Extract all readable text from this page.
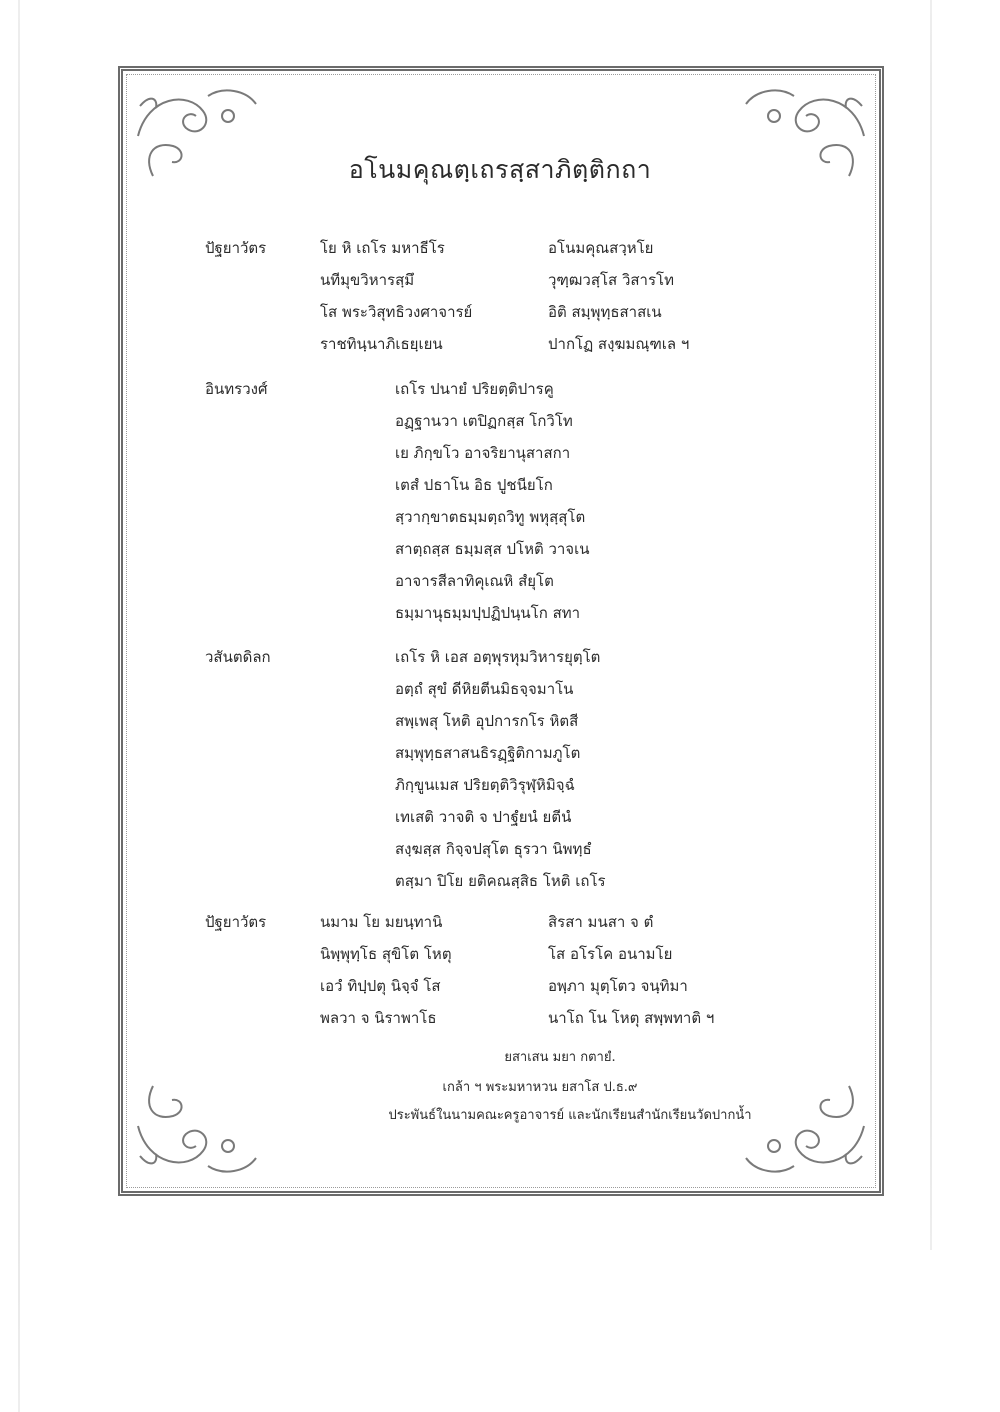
อโนมคุณตฺเถรสฺสาภิตฺติกถา
ปัฐยาวัตร	โย หิ เถโร มหาธีโร	อโนมคุณสวฺหโย
นทีมุขวิหารสฺมึ	วุฑฺฒวสฺโส วิสารโท
โส พระวิสุทธิวงศาจารย์	อิติ สมฺพุทฺธสาสเน
ราชทินฺนาภิเธยฺเยน	ปากโฏ สงฺฆมณฺฑเล ฯ
อินทรวงศ์	เถโร ปนายํ ปริยตฺติปารคู
อฏฺฐานวา เตปิฏกสฺส โกวิโท
เย ภิกฺขโว อาจริยานุสาสกา
เตสํ ปธาโน อิธ ปูชนียโก
สฺวากฺขาตธมฺมตฺถวิทู พหุสฺสุโต
สาตฺถสฺส ธมฺมสฺส ปโหติ วาจเน
อาจารสีลาทิคุเณหิ สํยุโต
ธมฺมานุธมฺมปฺปฏิปนฺนโก สทา
วสันตดิลก	เถโร หิ เอส อตฺพุรหุมวิหารยุตฺโต
อตฺถํ สุขํ ดีหิยตีนมิธจฺจมาโน
สพฺเพสุ โหติ อุปการกโร หิตสี
สมฺพุทฺธสาสนธิรฏฺฐิติกามภูโต
ภิกฺขูนเมส ปริยตฺติวิรุฬฺหิมิจฺฉํ
เทเสติ วาจติ จ ปาฐํยนํ ยตีนํ
สงฺฆสฺส กิจฺจปสุโต ธุรวา นิพทฺธํ
ตสฺมา ปิโย ยติคณสฺสิธ โหติ เถโร
ปัฐยาวัตร	นมาม โย มยนฺทานิ	สิรสา มนสา จ ตํ
นิพฺพุทฺโธ สุขิโต โหตุ	โส อโรโค อนามโย
เอวํ ทิปฺปตุ นิจฺจํ โส	อพฺภา มุตฺโตว จนฺทิมา
พลวา จ นิราพาโธ	นาโถ โน โหตุ สพฺพทาติ ฯ
ยสาเสน มยา กตายํ.
เกล้า ฯ พระมหาหวน ยสาโส ป.ธ.๙
ประพันธ์ในนามคณะครูอาจารย์ และนักเรียนสำนักเรียนวัดปากน้ำ
